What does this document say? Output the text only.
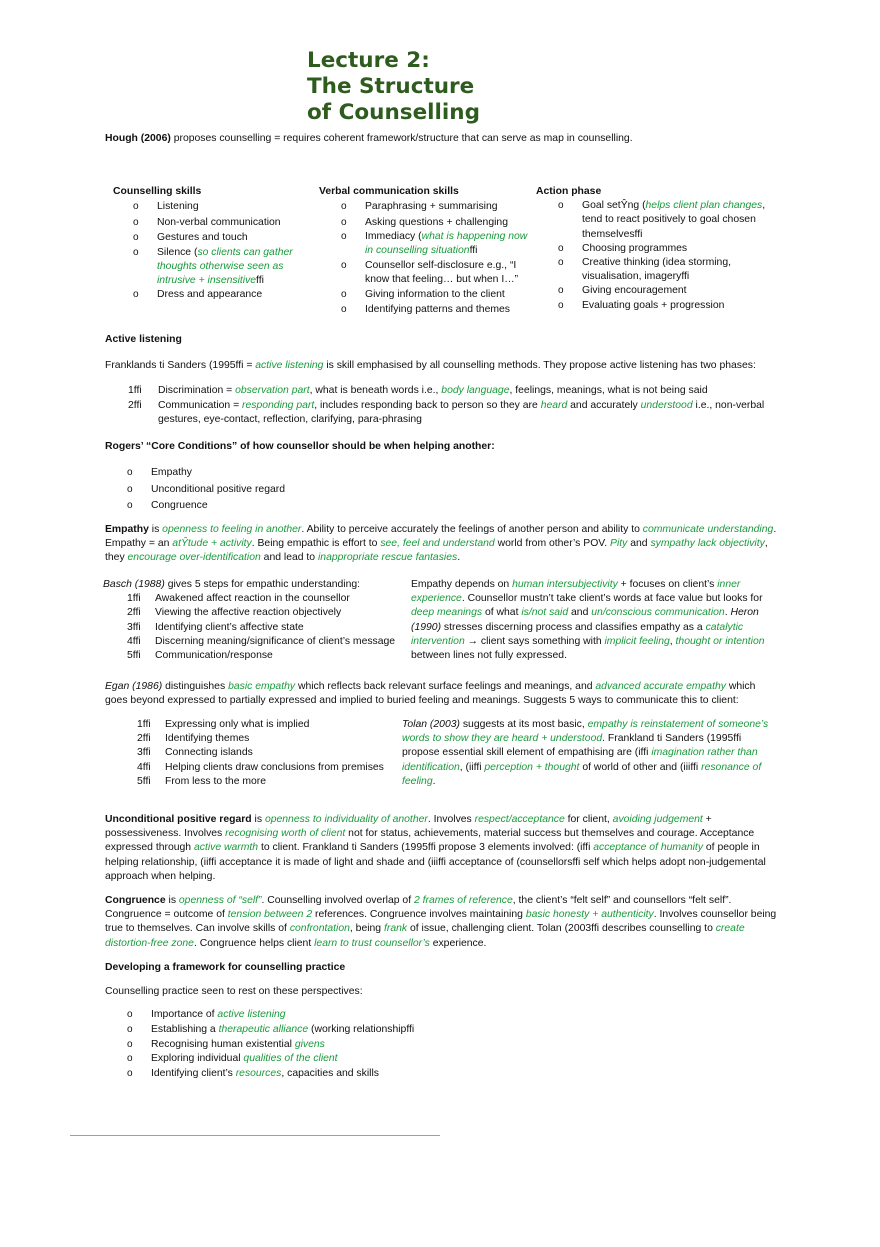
Lecture 2:
The Structure
of Counselling
Hough (2006) proposes counselling = requires coherent framework/structure that can serve as map in counselling.
Counselling skills
o Listening
o Non-verbal communication
o Gestures and touch
o Silence (so clients can gather thoughts otherwise seen as intrusive + insensitiveffi
o Dress and appearance
Verbal communication skills
o Paraphrasing + summarising
o Asking questions + challenging
o Immediacy (what is happening now in counselling situationffi
o Counsellor self-disclosure e.g., “I know that feeling… but when I…”
o Giving information to the client
o Identifying patterns and themes
Action phase
o Goal setŶng (helps client plan changes, tend to react positively to goal chosen themselvesffi
o Choosing programmes
o Creative thinking (idea storming, visualisation, imageryffi
o Giving encouragement
o Evaluating goals + progression
Active listening
Franklands ti Sanders (1995ffi = active listening is skill emphasised by all counselling methods. They propose active listening has two phases:
1ffi Discrimination = observation part, what is beneath words i.e., body language, feelings, meanings, what is not being said
2ffi Communication = responding part, includes responding back to person so they are heard and accurately understood i.e., non-verbal gestures, eye-contact, reflection, clarifying, para-phrasing
Rogers’ “Core Conditions” of how counsellor should be when helping another:
o Empathy
o Unconditional positive regard
o Congruence
Empathy is openness to feeling in another. Ability to perceive accurately the feelings of another person and ability to communicate understanding. Empathy = an atŶtude + activity. Being empathic is effort to see, feel and understand world from other’s POV. Pity and sympathy lack objectivity, they encourage over-identification and lead to inappropriate rescue fantasies.
Basch (1988) gives 5 steps for empathic understanding:
1ffi Awakened affect reaction in the counsellor
2ffi Viewing the affective reaction objectively
3ffi Identifying client’s affective state
4ffi Discerning meaning/significance of client’s message
5ffi Communication/response
Empathy depends on human intersubjectivity + focuses on client’s inner experience. Counsellor mustn’t take client’s words at face value but looks for deep meanings of what is/not said and un/conscious communication. Heron (1990) stresses discerning process and classifies empathy as a catalytic intervention → client says something with implicit feeling, thought or intention between lines not fully expressed.
Egan (1986) distinguishes basic empathy which reflects back relevant surface feelings and meanings, and advanced accurate empathy which goes beyond expressed to partially expressed and implied to buried feeling and meanings. Suggests 5 ways to communicate this to client:
1ffi Expressing only what is implied
2ffi Identifying themes
3ffi Connecting islands
4ffi Helping clients draw conclusions from premises
5ffi From less to the more
Tolan (2003) suggests at its most basic, empathy is reinstatement of someone’s words to show they are heard + understood. Frankland ti Sanders (1995ffi propose essential skill element of empathising are (iffi imagination rather than identification, (iiffi perception + thought of world of other and (iiiffi resonance of feeling.
Unconditional positive regard is openness to individuality of another. Involves respect/acceptance for client, avoiding judgement + possessiveness. Involves recognising worth of client not for status, achievements, material success but themselves and courage. Acceptance expressed through active warmth to client. Frankland ti Sanders (1995ffi propose 3 elements involved: (iffi acceptance of humanity of people in helping relationship, (iiffi acceptance it is made of light and shade and (iiiffi acceptance of (counsellorsffi self which helps adopt non-judgemental approach when helping.
Congruence is openness of “self”. Counselling involved overlap of 2 frames of reference, the client’s “felt self” and counsellors “felt self”. Congruence = outcome of tension between 2 references. Congruence involves maintaining basic honesty + authenticity. Involves counsellor being true to themselves. Can involve skills of confrontation, being frank of issue, challenging client. Tolan (2003ffi describes counselling to create distortion-free zone. Congruence helps client learn to trust counsellor’s experience.
Developing a framework for counselling practice
Counselling practice seen to rest on these perspectives:
o Importance of active listening
o Establishing a therapeutic alliance (working relationshipffi
o Recognising human existential givens
o Exploring individual qualities of the client
o Identifying client’s resources, capacities and skills
